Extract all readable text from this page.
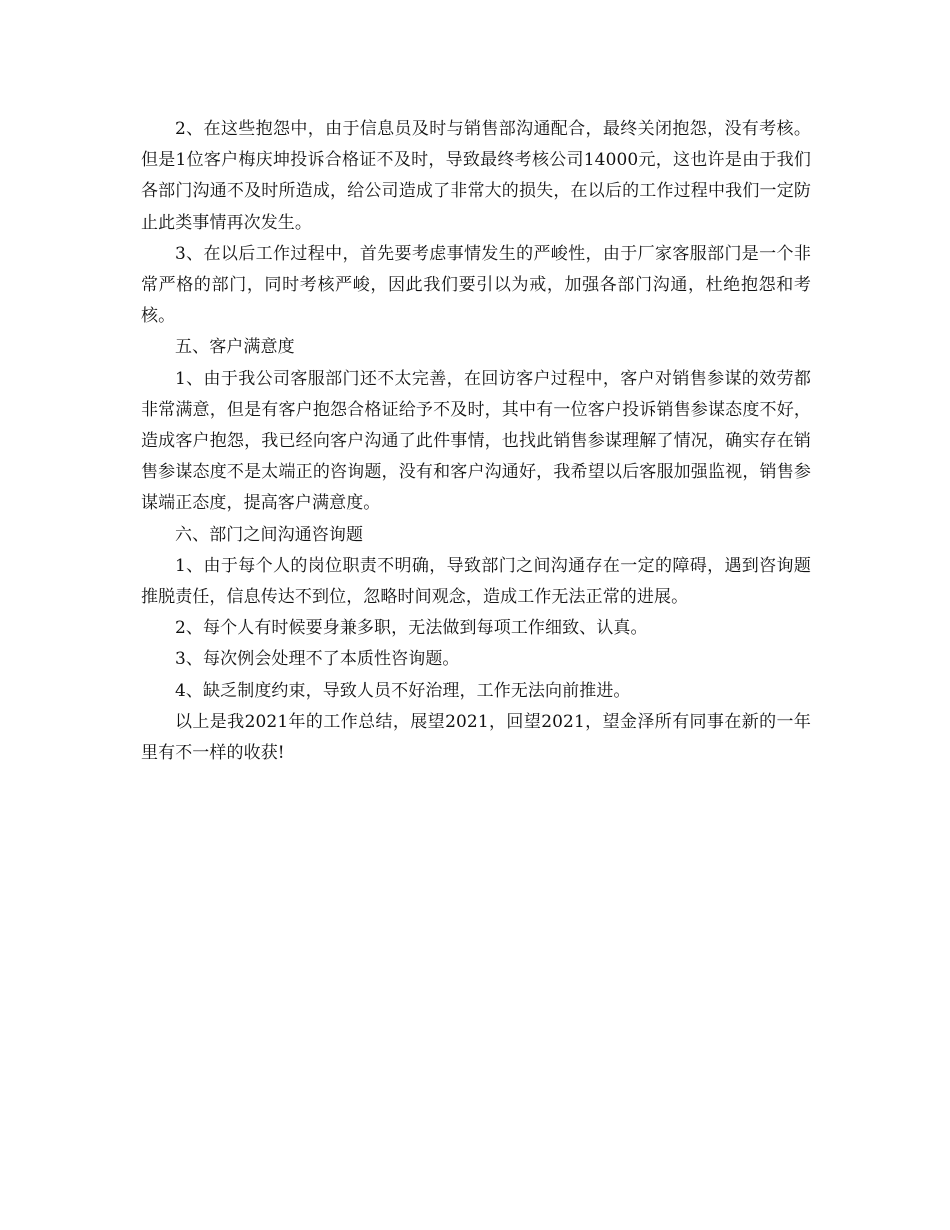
2、在这些抱怨中，由于信息员及时与销售部沟通配合，最终关闭抱怨，没有考核。但是1位客户梅庆坤投诉合格证不及时，导致最终考核公司14000元，这也许是由于我们各部门沟通不及时所造成，给公司造成了非常大的损失，在以后的工作过程中我们一定防止此类事情再次发生。

3、在以后工作过程中，首先要考虑事情发生的严峻性，由于厂家客服部门是一个非常严格的部门，同时考核严峻，因此我们要引以为戒，加强各部门沟通，杜绝抱怨和考核。

五、客户满意度

1、由于我公司客服部门还不太完善，在回访客户过程中，客户对销售参谋的效劳都非常满意，但是有客户抱怨合格证给予不及时，其中有一位客户投诉销售参谋态度不好，造成客户抱怨，我已经向客户沟通了此件事情，也找此销售参谋理解了情况，确实存在销售参谋态度不是太端正的咨询题，没有和客户沟通好，我希望以后客服加强监视，销售参谋端正态度，提高客户满意度。

六、部门之间沟通咨询题

1、由于每个人的岗位职责不明确，导致部门之间沟通存在一定的障碍，遇到咨询题推脱责任，信息传达不到位，忽略时间观念，造成工作无法正常的进展。

2、每个人有时候要身兼多职，无法做到每项工作细致、认真。

3、每次例会处理不了本质性咨询题。

4、缺乏制度约束，导致人员不好治理，工作无法向前推进。

以上是我2021年的工作总结，展望2021，回望2021，望金泽所有同事在新的一年里有不一样的收获!
